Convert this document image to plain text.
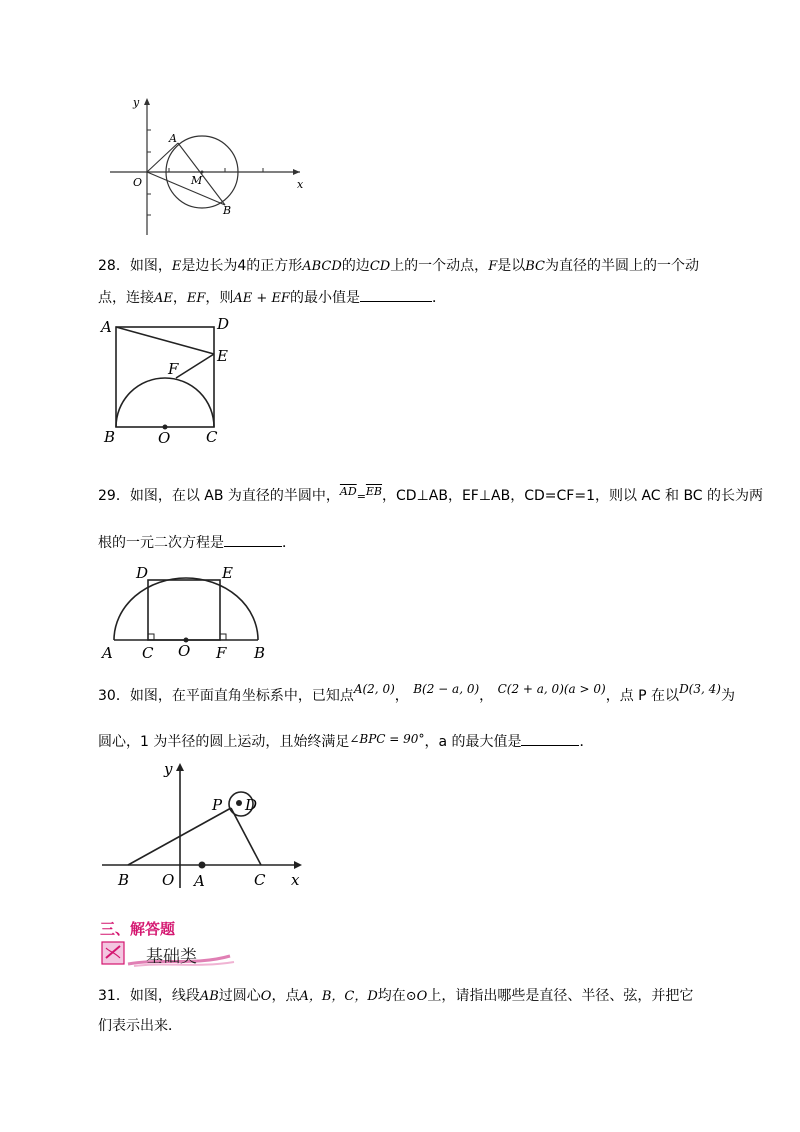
y
x
O
A
M
B
28．如图，E是边长为4的正方形ABCD的边CD上的一个动点，F是以BC为直径的半圆上的一个动
点，连接AE，EF，则AE + EF的最小值是	．
A	D
E
F
B	O C
29．如图，在以 AB 为直径的半圆中，$^{\overline{AD}}$=$^{\overline{EB}}$，CD⊥AB，EF⊥AB，CD=CF=1，则以 AC 和 BC 的长为两
根的一元二次方程是	．
D	E
A C O F B
30．如图，在平面直角坐标系中，已知点A(2, 0)， B(2 − a, 0)， C(2 + a, 0)(a > 0)，点 P 在以D(3, 4)为
圆心，1 为半径的圆上运动，且始终满足∠BPC = 90°，a 的最大值是	．
y
P D
B O A	C x
三、解答题
基础类
31．如图，线段AB过圆心O，点A，B，C，D均在⊙O上，请指出哪些是直径、半径、弦，并把它
们表示出来．
